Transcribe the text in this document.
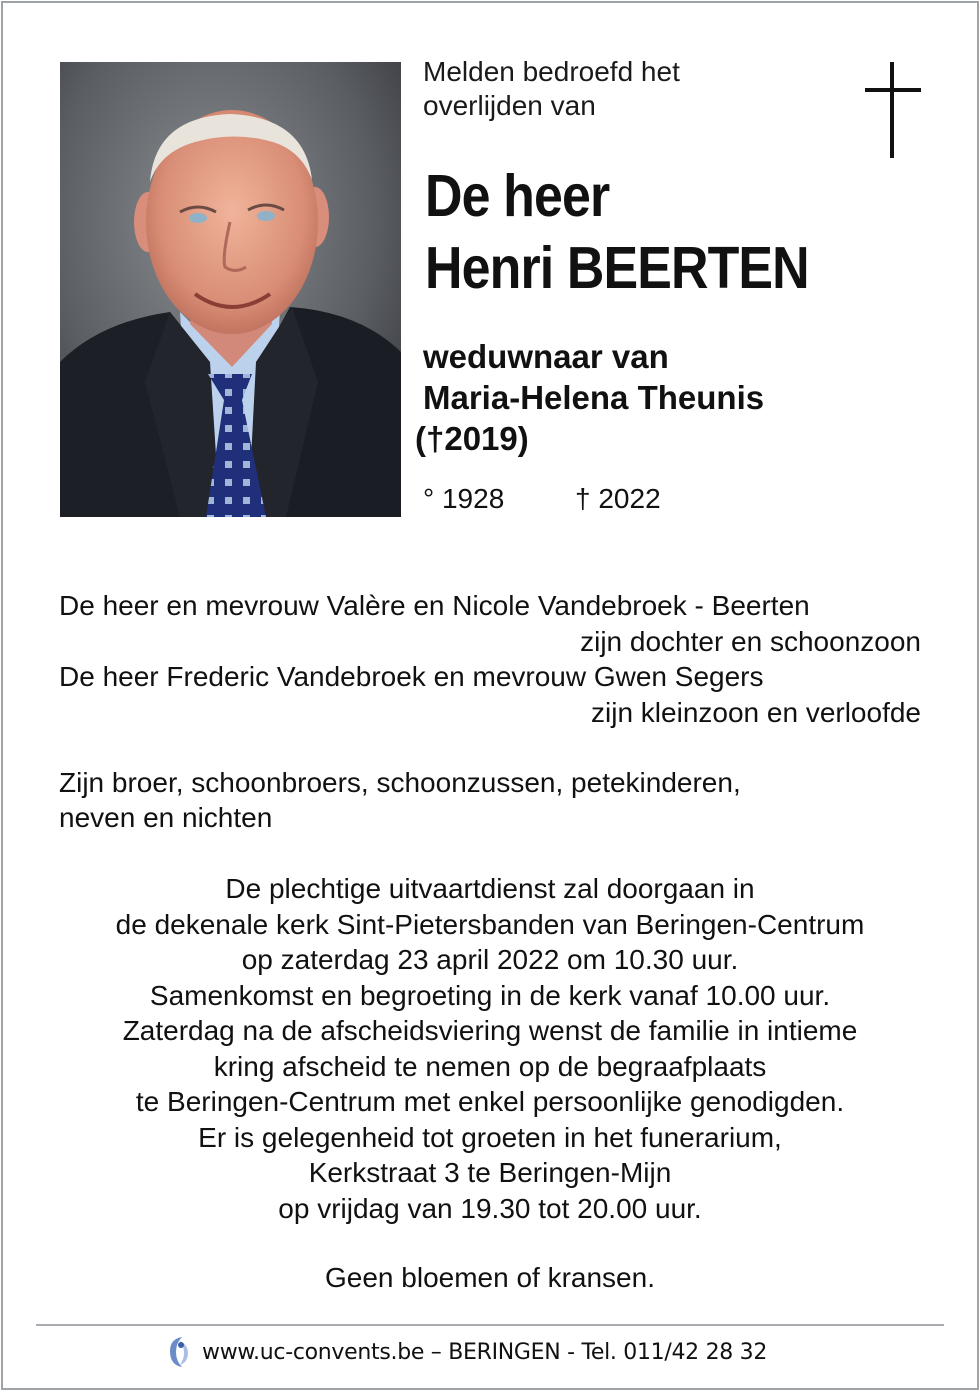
Melden bedroefd het
overlijden van
De heer
Henri BEERTEN
weduwnaar van
Maria-Helena Theunis
(†2019)
° 1928	† 2022
De heer en mevrouw Valère en Nicole Vandebroek - Beerten
zijn dochter en schoonzoon
De heer Frederic Vandebroek en mevrouw Gwen Segers
zijn kleinzoon en verloofde
Zijn broer, schoonbroers, schoonzussen, petekinderen,
neven en nichten
De plechtige uitvaartdienst zal doorgaan in
de dekenale kerk Sint-Pietersbanden van Beringen-Centrum
op zaterdag 23 april 2022 om 10.30 uur.
Samenkomst en begroeting in de kerk vanaf 10.00 uur.
Zaterdag na de afscheidsviering wenst de familie in intieme
kring afscheid te nemen op de begraafplaats
te Beringen-Centrum met enkel persoonlijke genodigden.
Er is gelegenheid tot groeten in het funerarium,
Kerkstraat 3 te Beringen-Mijn
op vrijdag van 19.30 tot 20.00 uur.
Geen bloemen of kransen.
www.uc-convents.be – BERINGEN - Tel. 011/42 28 32
